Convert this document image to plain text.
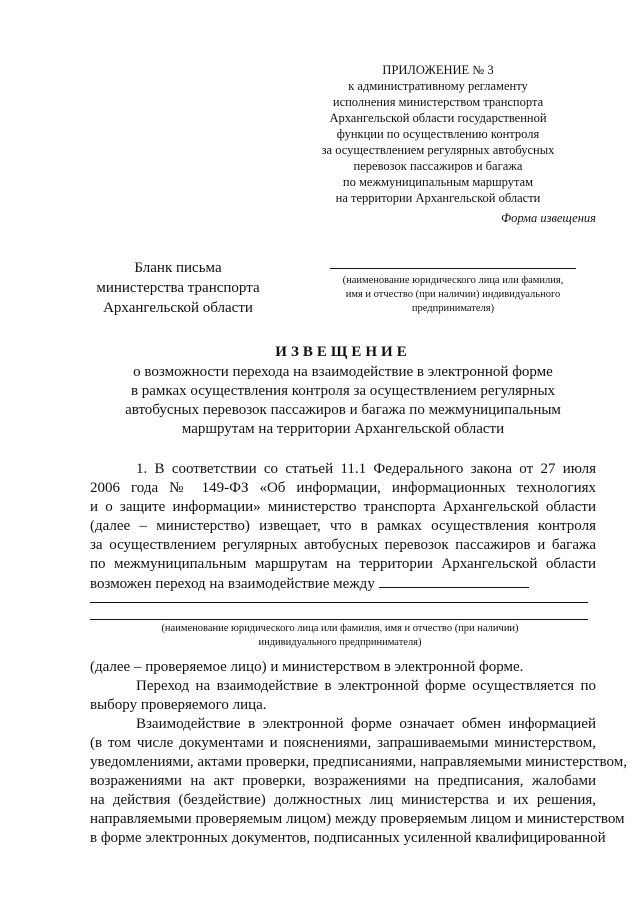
ПРИЛОЖЕНИЕ № 3
к административному регламенту
исполнения министерством транспорта
Архангельской области государственной
функции по осуществлению контроля
за осуществлением регулярных автобусных
перевозок пассажиров и багажа
по межмуниципальным маршрутам
на территории Архангельской области
Форма извещения
Бланк письма
министерства транспорта
Архангельской области
(наименование юридического лица или фамилия,
имя и отчество (при наличии) индивидуального
предпринимателя)
ИЗВЕЩЕНИЕ
о возможности перехода на взаимодействие в электронной форме
в рамках осуществления контроля за осуществлением регулярных
автобусных перевозок пассажиров и багажа по межмуниципальным
маршрутам на территории Архангельской области
1. В соответствии со статьей 11.1 Федерального закона от 27 июля
2006 года № 149-ФЗ «Об информации, информационных технологиях
и о защите информации» министерство транспорта Архангельской области
(далее – министерство) извещает, что в рамках осуществления контроля
за осуществлением регулярных автобусных перевозок пассажиров и багажа
по межмуниципальным маршрутам на территории Архангельской области
возможен переход на взаимодействие между
(наименование юридического лица или фамилия, имя и отчество (при наличии)
индивидуального предпринимателя)
(далее – проверяемое лицо) и министерством в электронной форме.
Переход на взаимодействие в электронной форме осуществляется по
выбору проверяемого лица.
Взаимодействие в электронной форме означает обмен информацией
(в том числе документами и пояснениями, запрашиваемыми министерством,
уведомлениями, актами проверки, предписаниями, направляемыми министерством,
возражениями на акт проверки, возражениями на предписания, жалобами
на действия (бездействие) должностных лиц министерства и их решения,
направляемыми проверяемым лицом) между проверяемым лицом и министерством
в форме электронных документов, подписанных усиленной квалифицированной
